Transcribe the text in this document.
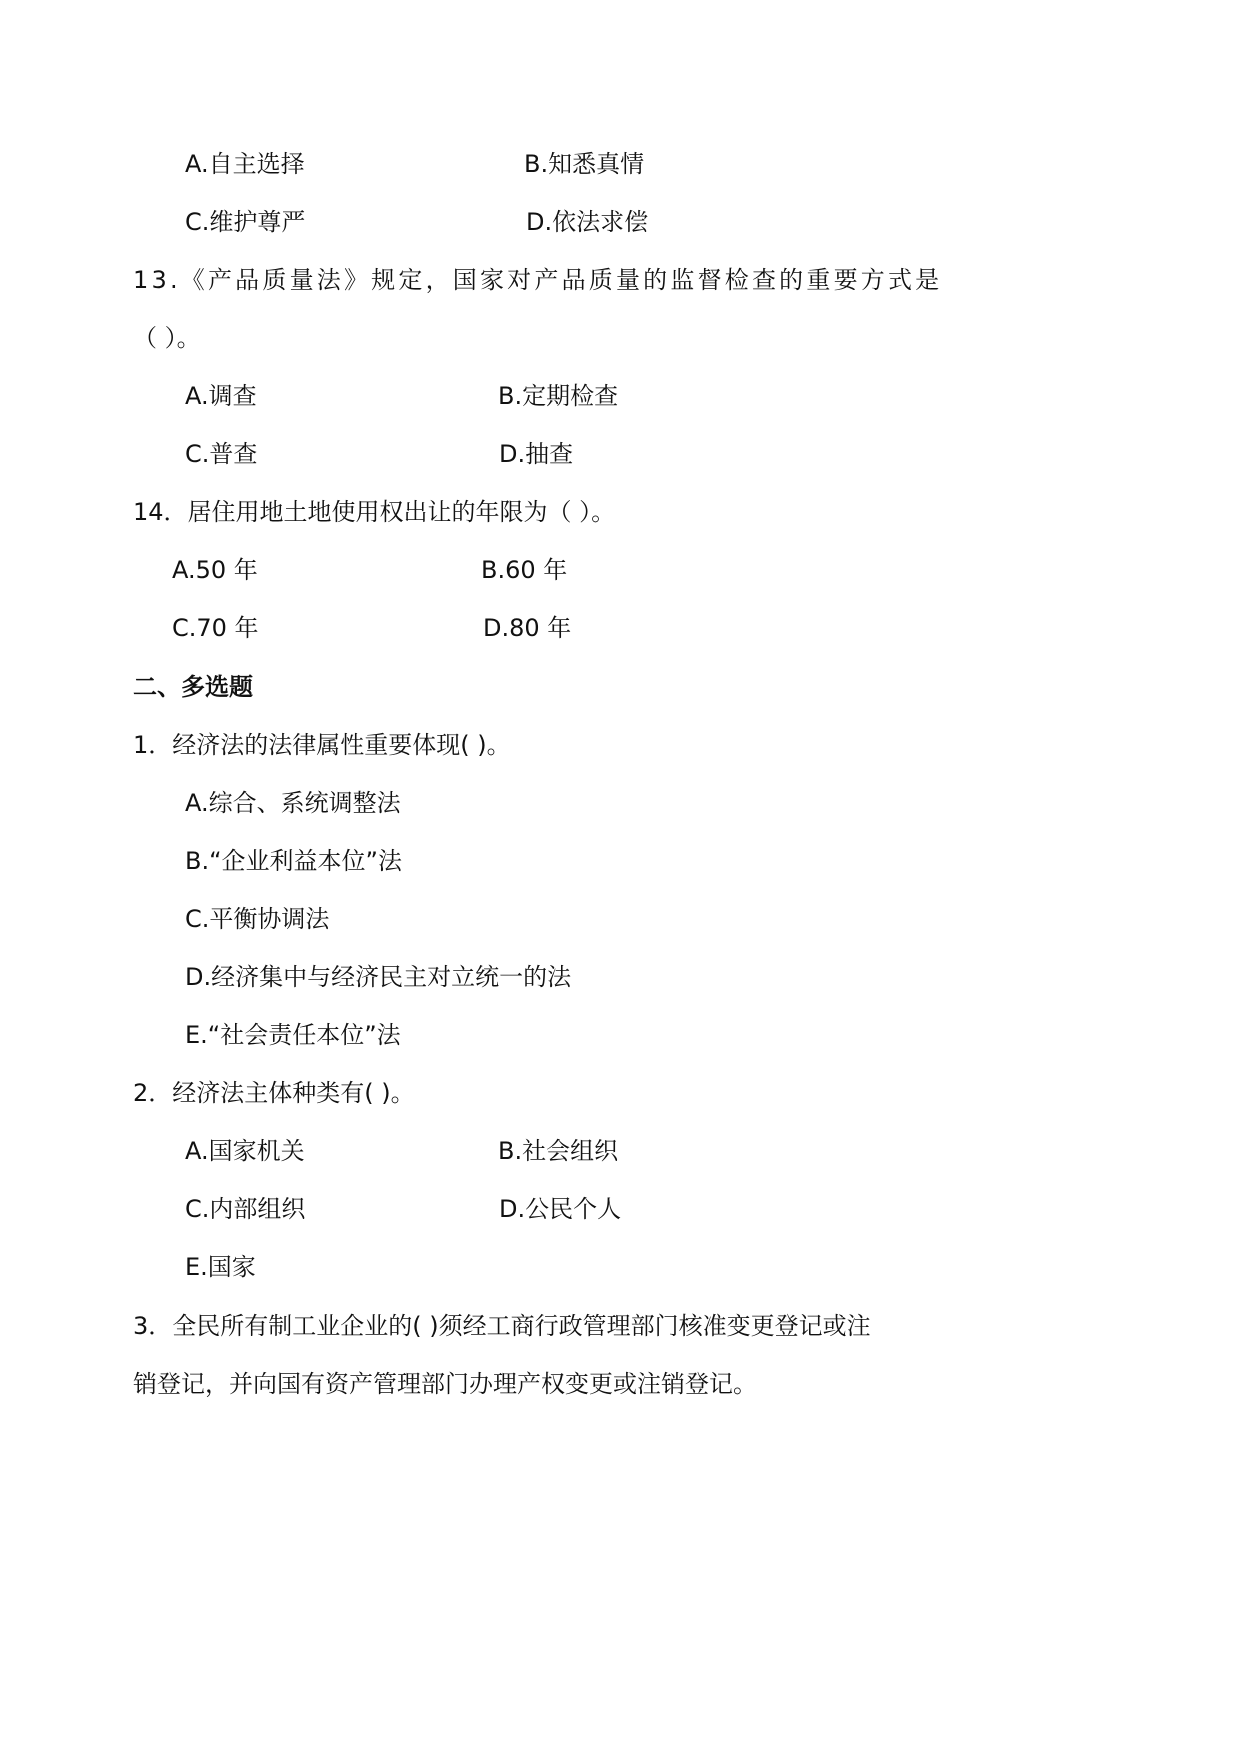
A.自主选择	B.知悉真情
C.维护尊严	D.依法求偿
13.《产品质量法》规定，国家对产品质量的监督检查的重要方式是
（ ）。
A.调查	B.定期检查
C.普查	D.抽查
14．居住用地土地使用权出让的年限为（ ）。
A.50 年	B.60 年
C.70 年	D.80 年
二、多选题
1．经济法的法律属性重要体现( )。
A.综合、系统调整法
B.“企业利益本位”法
C.平衡协调法
D.经济集中与经济民主对立统一的法
E.“社会责任本位”法
2．经济法主体种类有( )。
A.国家机关	B.社会组织
C.内部组织	D.公民个人
E.国家
3．全民所有制工业企业的( )须经工商行政管理部门核准变更登记或注
销登记，并向国有资产管理部门办理产权变更或注销登记。
